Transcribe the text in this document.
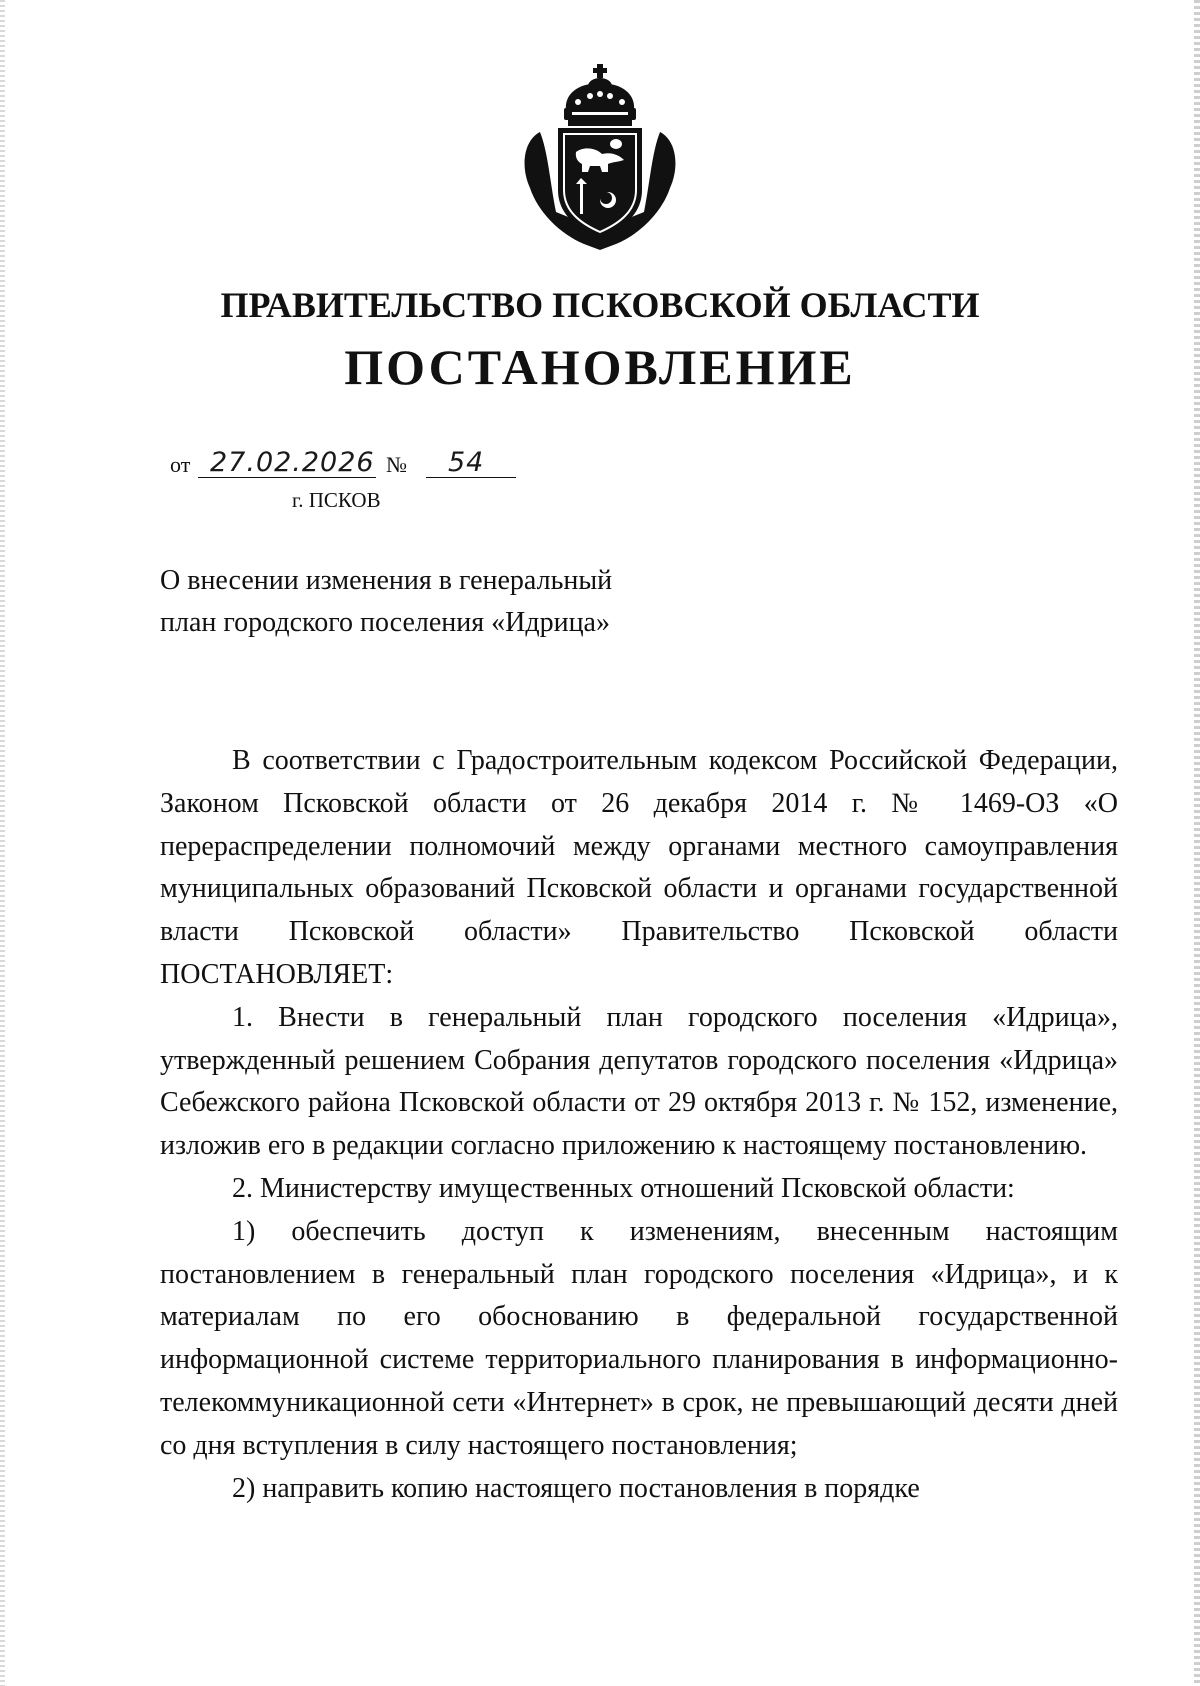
ПРАВИТЕЛЬСТВО ПСКОВСКОЙ ОБЛАСТИ
ПОСТАНОВЛЕНИЕ
от 27.02.2026 № 54
г. ПСКОВ
О внесении изменения в генеральный
план городского поселения «Идрица»

В соответствии с Градостроительным кодексом Российской Федерации, Законом Псковской области от 26 декабря 2014 г. № 1469-ОЗ «О перераспределении полномочий между органами местного самоуправления муниципальных образований Псковской области и органами государственной власти Псковской области» Правительство Псковской области ПОСТАНОВЛЯЕТ:

1. Внести в генеральный план городского поселения «Идрица», утвержденный решением Собрания депутатов городского поселения «Идрица» Себежского района Псковской области от 29 октября 2013 г. № 152, изменение, изложив его в редакции согласно приложению к настоящему постановлению.

2. Министерству имущественных отношений Псковской области:

1) обеспечить доступ к изменениям, внесенным настоящим постановлением в генеральный план городского поселения «Идрица», и к материалам по его обоснованию в федеральной государственной информационной системе территориального планирования в информационно-телекоммуникационной сети «Интернет» в срок, не превышающий десяти дней со дня вступления в силу настоящего постановления;

2) направить копию настоящего постановления в порядке
